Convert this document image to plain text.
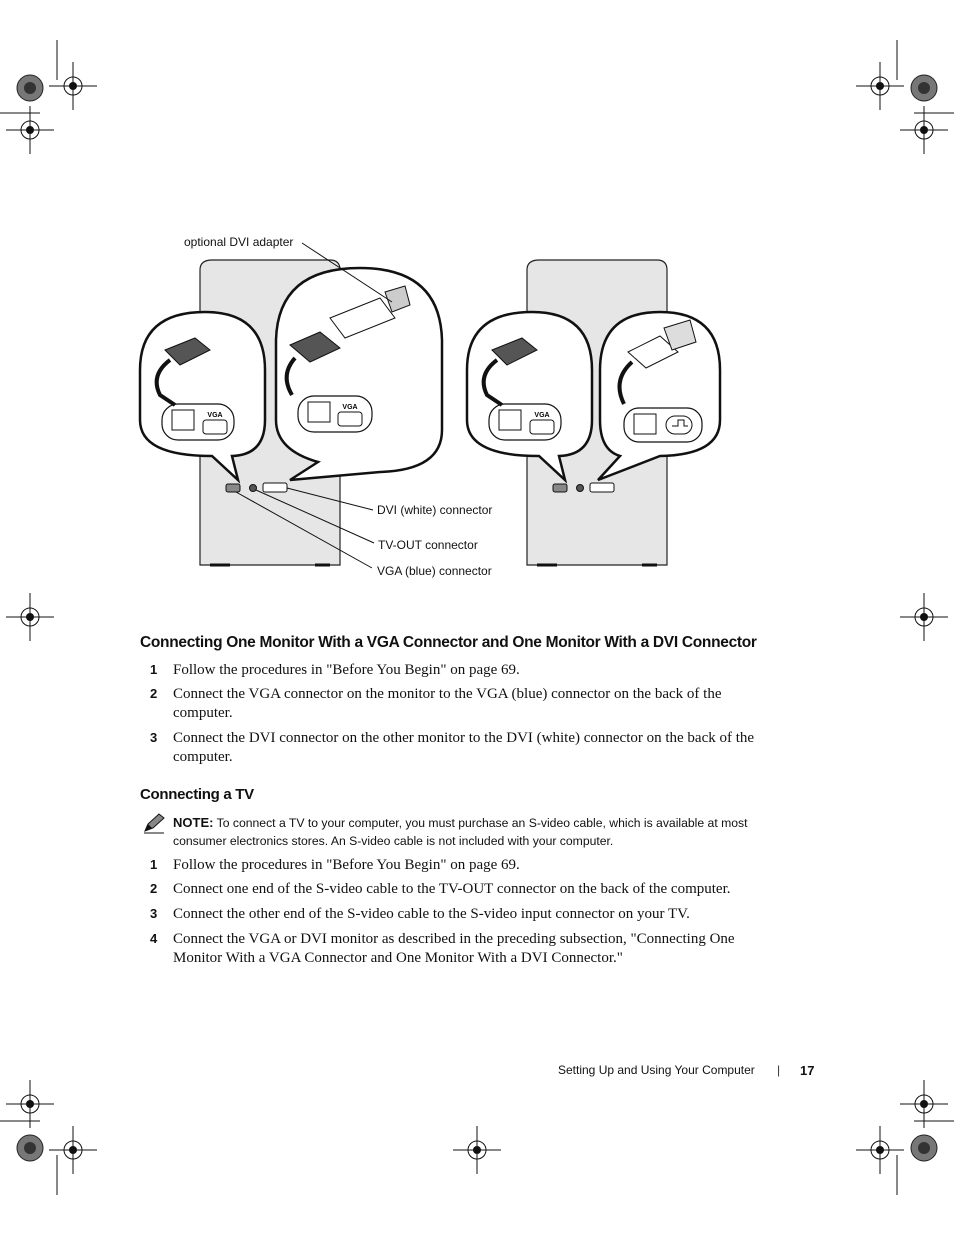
VGA
VGA
VGA
optional DVI adapter
DVI (white) connector
TV-OUT connector
VGA (blue) connector
Connecting One Monitor With a VGA Connector and One Monitor With a DVI Connector
1 Follow the procedures in "Before You Begin" on page 69.
2 Connect the VGA connector on the monitor to the VGA (blue) connector on the back of the computer.
3 Connect the DVI connector on the other monitor to the DVI (white) connector on the back of the computer.
Connecting a TV
NOTE: To connect a TV to your computer, you must purchase an S-video cable, which is available at most consumer electronics stores. An S-video cable is not included with your computer.
1 Follow the procedures in "Before You Begin" on page 69.
2 Connect one end of the S-video cable to the TV-OUT connector on the back of the computer.
3 Connect the other end of the S-video cable to the S-video input connector on your TV.
4 Connect the VGA or DVI monitor as described in the preceding subsection, "Connecting One Monitor With a VGA Connector and One Monitor With a DVI Connector."
Setting Up and Using Your Computer | 17
